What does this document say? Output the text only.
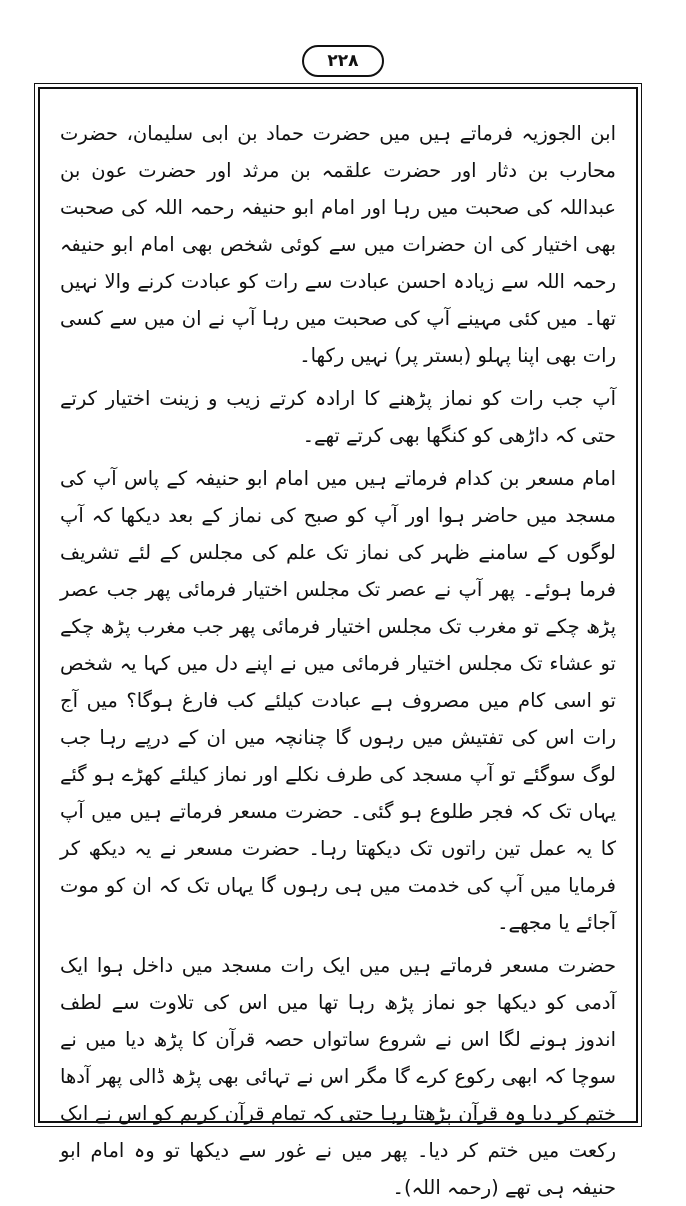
۲۲۸

ابن الجوزیہ فرماتے ہیں میں حضرت حماد بن ابی سلیمان، حضرت محارب بن دثار اور حضرت علقمہ بن مرثد اور حضرت عون بن عبداللہ کی صحبت میں رہا اور امام ابو حنیفہ رحمہ اللہ کی صحبت بھی اختیار کی ان حضرات میں سے کوئی شخص بھی امام ابو حنیفہ رحمہ اللہ سے زیادہ احسن عبادت سے رات کو عبادت کرنے والا نہیں تھا۔ میں کئی مہینے آپ کی صحبت میں رہا آپ نے ان میں سے کسی رات بھی اپنا پہلو (بستر پر) نہیں رکھا۔

آپ جب رات کو نماز پڑھنے کا ارادہ کرتے زیب و زینت اختیار کرتے حتی کہ داڑھی کو کنگھا بھی کرتے تھے۔

امام مسعر بن کدام فرماتے ہیں میں امام ابو حنیفہ کے پاس آپ کی مسجد میں حاضر ہوا اور آپ کو صبح کی نماز کے بعد دیکھا کہ آپ لوگوں کے سامنے ظہر کی نماز تک علم کی مجلس کے لئے تشریف فرما ہوئے۔ پھر آپ نے عصر تک مجلس اختیار فرمائی پھر جب عصر پڑھ چکے تو مغرب تک مجلس اختیار فرمائی پھر جب مغرب پڑھ چکے تو عشاء تک مجلس اختیار فرمائی میں نے اپنے دل میں کہا یہ شخص تو اسی کام میں مصروف ہے عبادت کیلئے کب فارغ ہوگا؟ میں آج رات اس کی تفتیش میں رہوں گا چنانچہ میں ان کے درپے رہا جب لوگ سوگئے تو آپ مسجد کی طرف نکلے اور نماز کیلئے کھڑے ہو گئے یہاں تک کہ فجر طلوع ہو گئی۔ حضرت مسعر فرماتے ہیں میں آپ کا یہ عمل تین راتوں تک دیکھتا رہا۔ حضرت مسعر نے یہ دیکھ کر فرمایا میں آپ کی خدمت میں ہی رہوں گا یہاں تک کہ ان کو موت آجائے یا مجھے۔

حضرت مسعر فرماتے ہیں میں ایک رات مسجد میں داخل ہوا ایک آدمی کو دیکھا جو نماز پڑھ رہا تھا میں اس کی تلاوت سے لطف اندوز ہونے لگا اس نے شروع ساتواں حصہ قرآن کا پڑھ دیا میں نے سوچا کہ ابھی رکوع کرے گا مگر اس نے تہائی بھی پڑھ ڈالی پھر آدھا ختم کر دیا وہ قرآن پڑھتا رہا حتی کہ تمام قرآن کریم کو اس نے ایک رکعت میں ختم کر دیا۔ پھر میں نے غور سے دیکھا تو وہ امام ابو حنیفہ ہی تھے (رحمہ اللہ)۔
